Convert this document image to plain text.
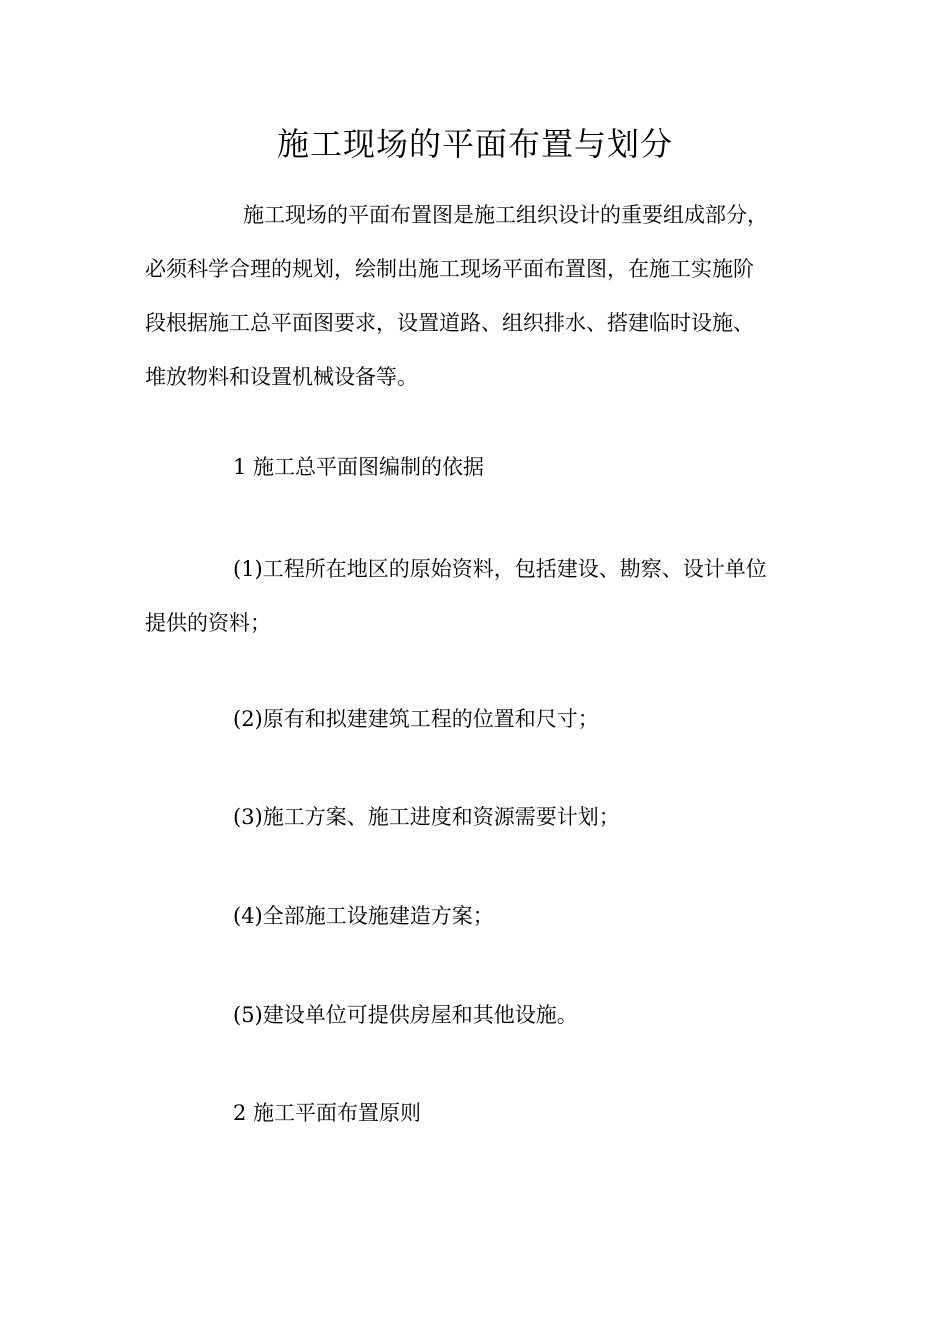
施工现场的平面布置与划分
施工现场的平面布置图是施工组织设计的重要组成部分，
必须科学合理的规划，绘制出施工现场平面布置图，在施工实施阶
段根据施工总平面图要求，设置道路、组织排水、搭建临时设施、
堆放物料和设置机械设备等。
1 施工总平面图编制的依据
(1)工程所在地区的原始资料，包括建设、勘察、设计单位
提供的资料；
(2)原有和拟建建筑工程的位置和尺寸；
(3)施工方案、施工进度和资源需要计划；
(4)全部施工设施建造方案；
(5)建设单位可提供房屋和其他设施。
2 施工平面布置原则
